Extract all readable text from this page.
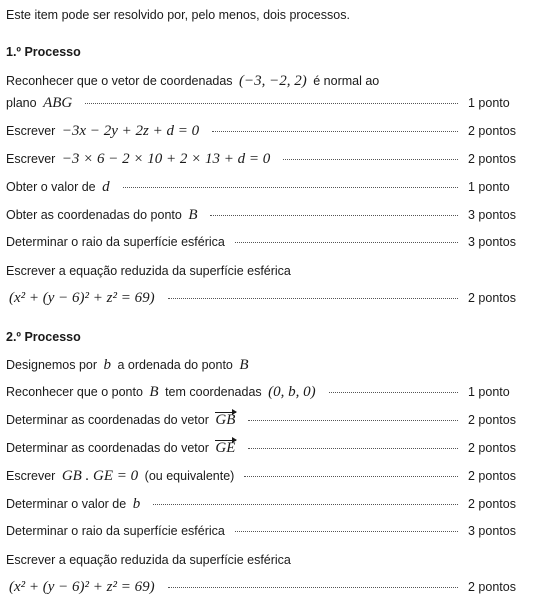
Este item pode ser resolvido por, pelo menos, dois processos.
1.º Processo
Reconhecer que o vetor de coordenadas (−3, −2, 2) é normal ao
plano ABG	1 ponto
Escrever −3x − 2y + 2z + d = 0	2 pontos
Escrever −3 × 6 − 2 × 10 + 2 × 13 + d = 0	2 pontos
Obter o valor de d	1 ponto
Obter as coordenadas do ponto B	3 pontos
Determinar o raio da superfície esférica	3 pontos
Escrever a equação reduzida da superfície esférica
(x² + (y − 6)² + z² = 69)	2 pontos
2.º Processo
Designemos por b a ordenada do ponto B
Reconhecer que o ponto B tem coordenadas (0, b, 0)	1 ponto
Determinar as coordenadas do vetor GB	2 pontos
Determinar as coordenadas do vetor GE	2 pontos
Escrever GB . GE = 0 (ou equivalente)	2 pontos
Determinar o valor de b	2 pontos
Determinar o raio da superfície esférica	3 pontos
Escrever a equação reduzida da superfície esférica
(x² + (y − 6)² + z² = 69)	2 pontos
